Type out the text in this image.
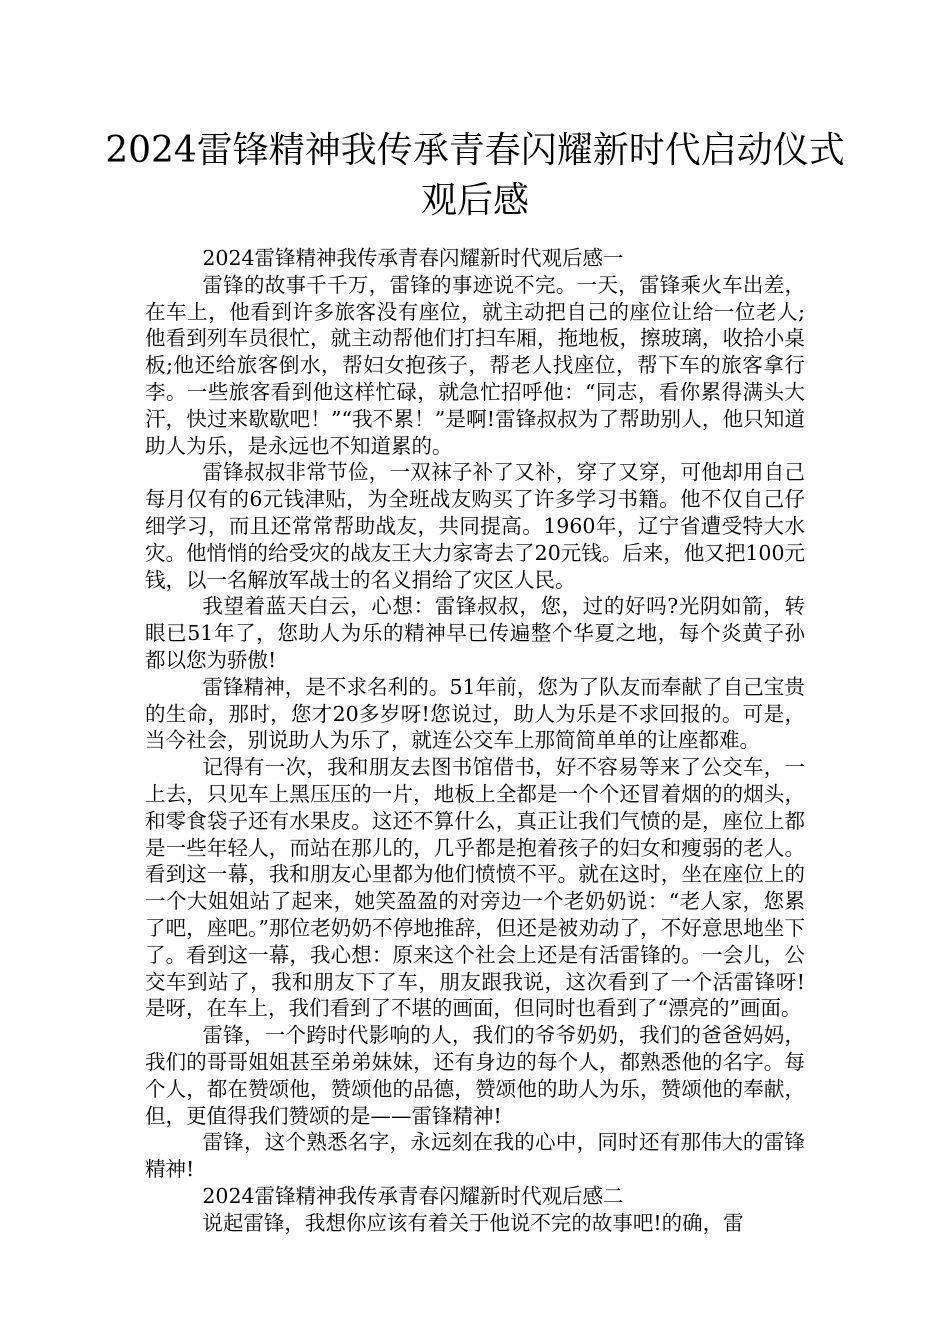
2024雷锋精神我传承青春闪耀新时代启动仪式观后感

2024雷锋精神我传承青春闪耀新时代观后感一

雷锋的故事千千万，雷锋的事迹说不完。一天，雷锋乘火车出差，在车上，他看到许多旅客没有座位，就主动把自己的座位让给一位老人;他看到列车员很忙，就主动帮他们打扫车厢，拖地板，擦玻璃，收拾小桌板;他还给旅客倒水，帮妇女抱孩子，帮老人找座位，帮下车的旅客拿行李。一些旅客看到他这样忙碌，就急忙招呼他：“同志，看你累得满头大汗，快过来歇歇吧！”“我不累！”是啊!雷锋叔叔为了帮助别人，他只知道助人为乐，是永远也不知道累的。

雷锋叔叔非常节俭，一双袜子补了又补，穿了又穿，可他却用自己每月仅有的6元钱津贴，为全班战友购买了许多学习书籍。他不仅自己仔细学习，而且还常常帮助战友，共同提高。1960年，辽宁省遭受特大水灾。他悄悄的给受灾的战友王大力家寄去了20元钱。后来，他又把100元钱，以一名解放军战士的名义捐给了灾区人民。

我望着蓝天白云，心想：雷锋叔叔，您，过的好吗?光阴如箭，转眼已51年了，您助人为乐的精神早已传遍整个华夏之地，每个炎黄子孙都以您为骄傲!

雷锋精神，是不求名利的。51年前，您为了队友而奉献了自己宝贵的生命，那时，您才20多岁呀!您说过，助人为乐是不求回报的。可是，当今社会，别说助人为乐了，就连公交车上那简简单单的让座都难。

记得有一次，我和朋友去图书馆借书，好不容易等来了公交车，一上去，只见车上黑压压的一片，地板上全都是一个个还冒着烟的的烟头，和零食袋子还有水果皮。这还不算什么，真正让我们气愤的是，座位上都是一些年轻人，而站在那儿的，几乎都是抱着孩子的妇女和瘦弱的老人。看到这一幕，我和朋友心里都为他们愤愤不平。就在这时，坐在座位上的一个大姐姐站了起来，她笑盈盈的对旁边一个老奶奶说：“老人家，您累了吧，座吧。”那位老奶奶不停地推辞，但还是被劝动了，不好意思地坐下了。看到这一幕，我心想：原来这个社会上还是有活雷锋的。一会儿，公交车到站了，我和朋友下了车，朋友跟我说，这次看到了一个活雷锋呀!是呀，在车上，我们看到了不堪的画面，但同时也看到了“漂亮的”画面。

雷锋，一个跨时代影响的人，我们的爷爷奶奶，我们的爸爸妈妈，我们的哥哥姐姐甚至弟弟妹妹，还有身边的每个人，都熟悉他的名字。每个人，都在赞颂他，赞颂他的品德，赞颂他的助人为乐，赞颂他的奉献，但，更值得我们赞颂的是——雷锋精神!

雷锋，这个熟悉名字，永远刻在我的心中，同时还有那伟大的雷锋精神!

2024雷锋精神我传承青春闪耀新时代观后感二

说起雷锋，我想你应该有着关于他说不完的故事吧!的确，雷
